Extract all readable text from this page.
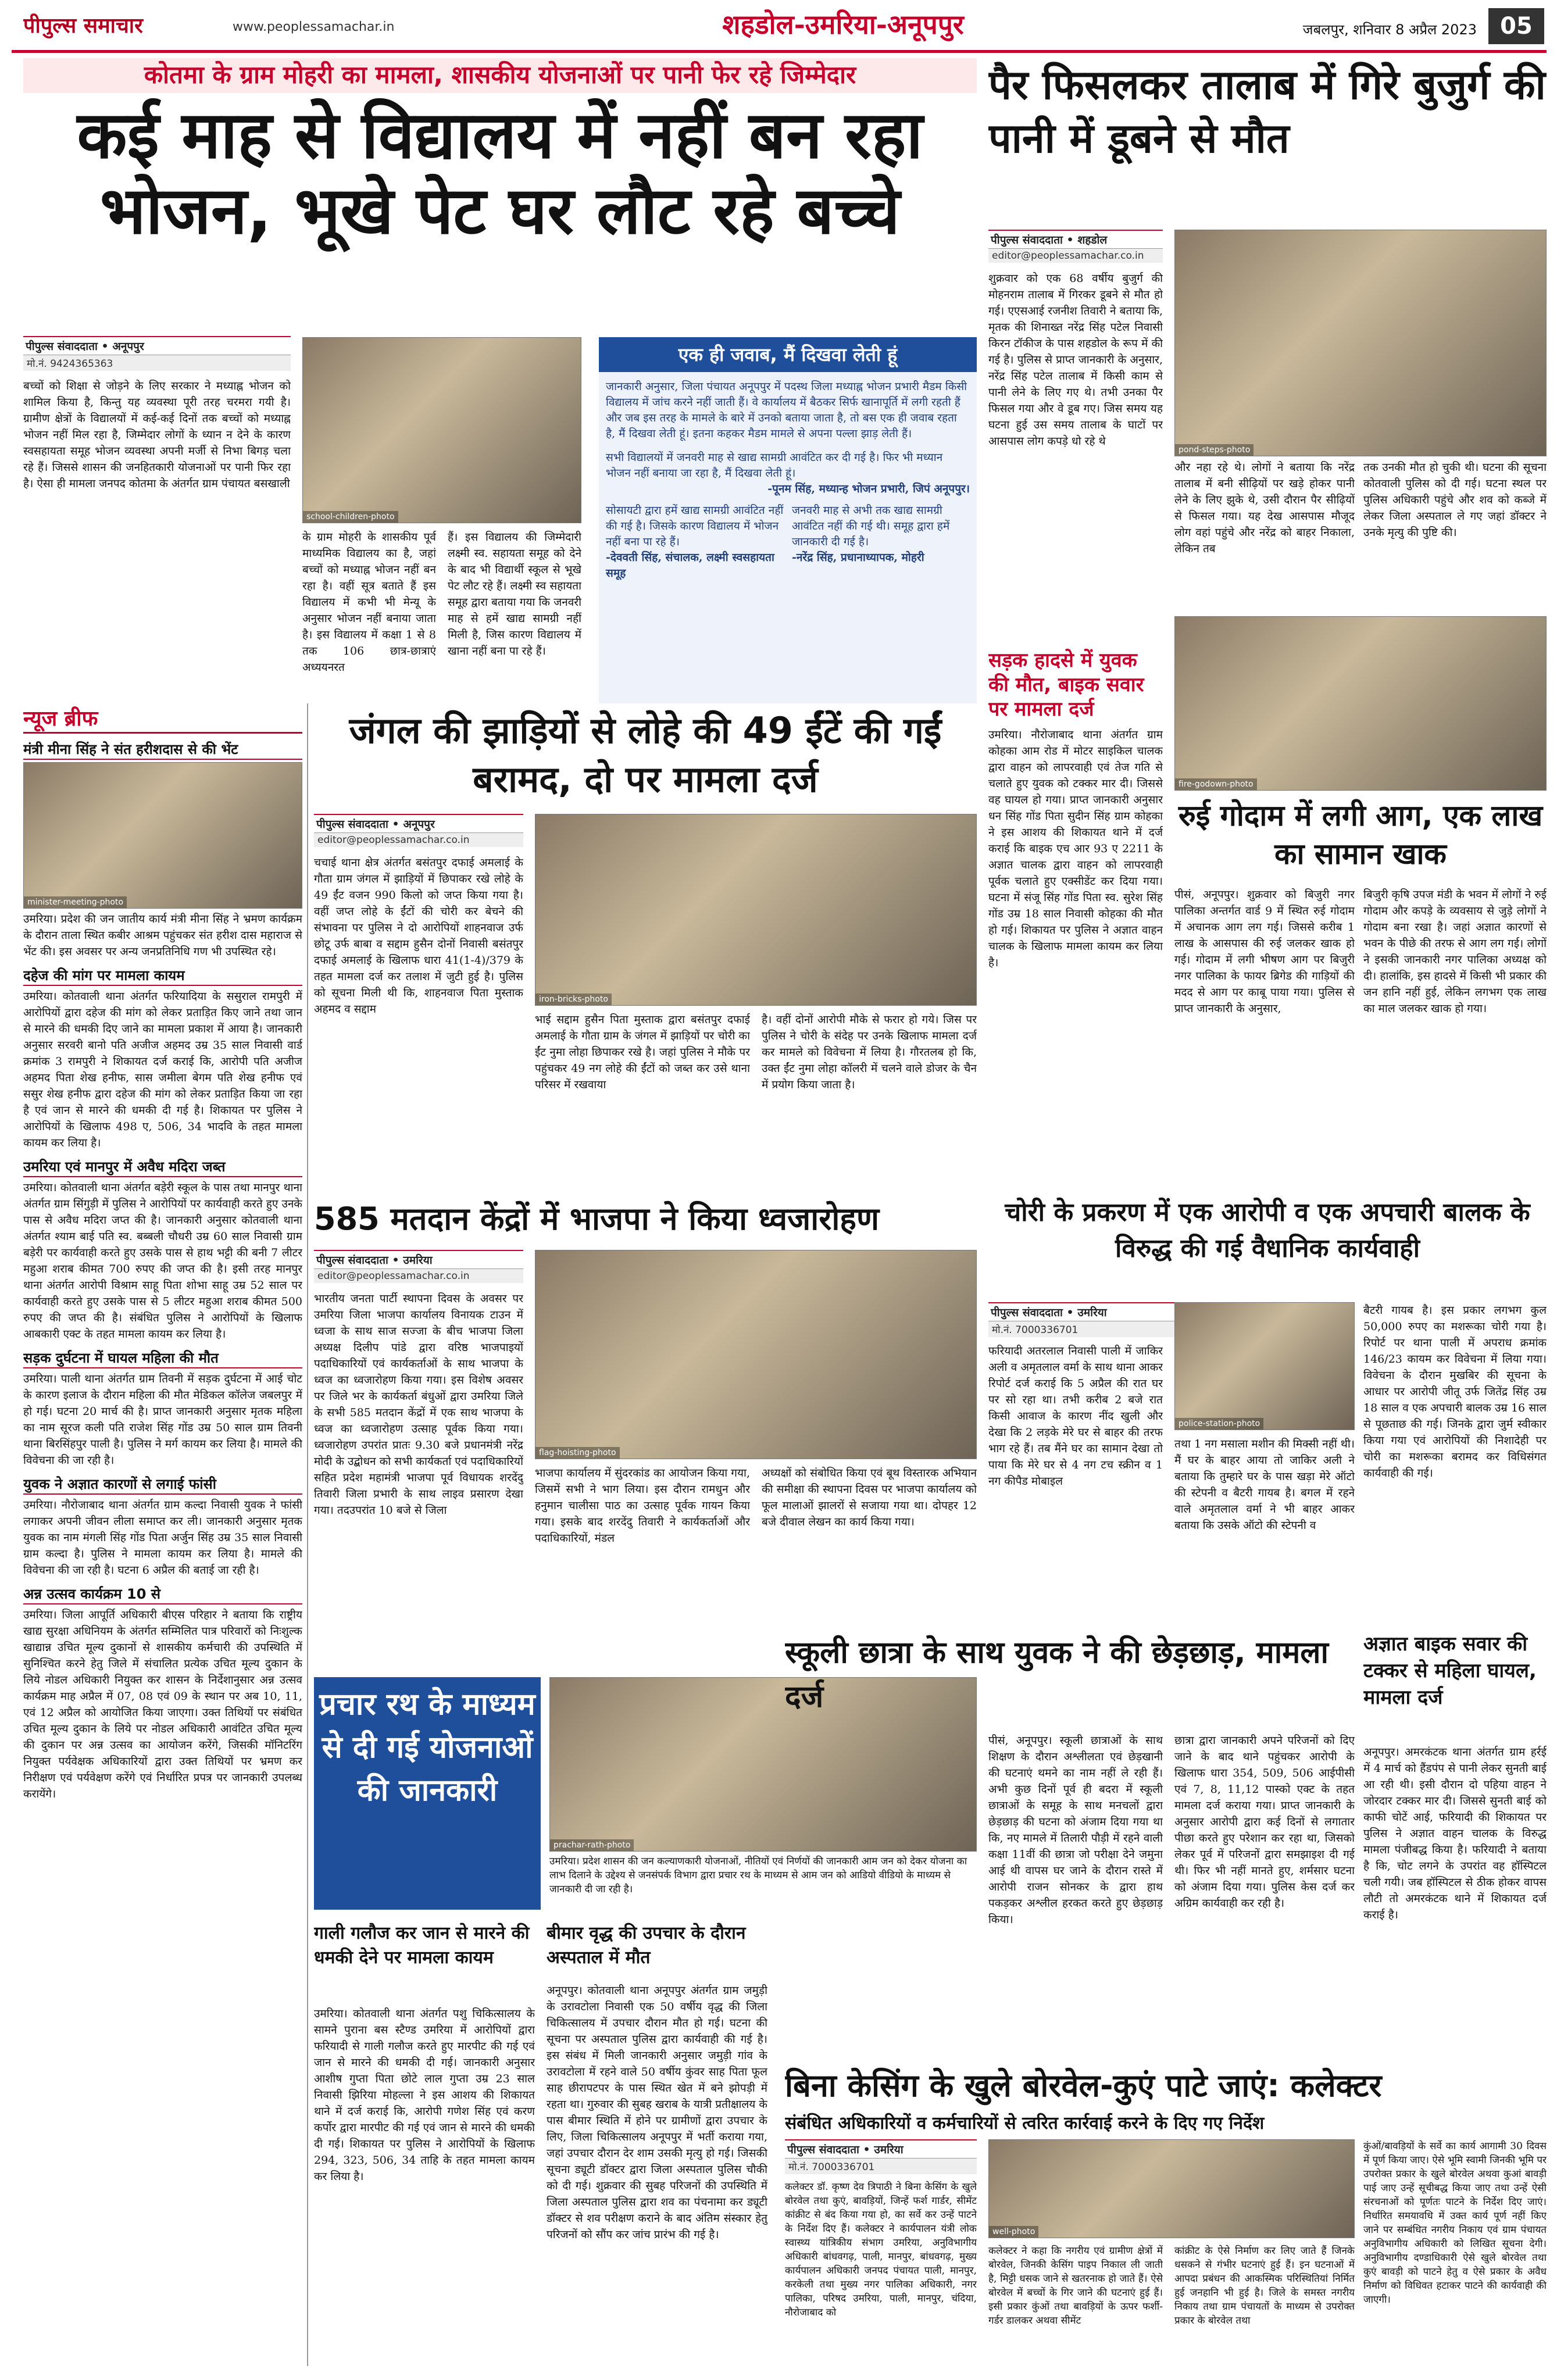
पीपुल्स समाचार	www.peoplessamachar.in	शहडोल-उमरिया-अनूपपुर	जबलपुर, शनिवार 8 अप्रैल 2023	05
कोतमा के ग्राम मोहरी का मामला, शासकीय योजनाओं पर पानी फेर रहे जिम्मेदार
कई माह से विद्यालय में नहीं बन रहा भोजन, भूखे पेट घर लौट रहे बच्चे
पीपुल्स संवाददाता • अनूपपुर
मो.नं. 9424365363
बच्चों को शिक्षा से जोड़ने के लिए सरकार ने मध्याह्न भोजन को शामिल किया है, किन्तु यह व्यवस्था पूरी तरह चरमरा गयी है। ग्रामीण क्षेत्रों के विद्यालयों में कई-कई दिनों तक बच्चों को मध्याह्न भोजन नहीं मिल रहा है, जिम्मेदार लोगों के ध्यान न देने के कारण स्वसहायता समूह भोजन व्यवस्था अपनी मर्जी से निभा बिगड़ चला रहे हैं। जिससे शासन की जनहितकारी योजनाओं पर पानी फिर रहा है। ऐसा ही मामला जनपद कोतमा के अंतर्गत ग्राम पंचायत बसखाली
school-children-photo
के ग्राम मोहरी के शासकीय पूर्व माध्यमिक विद्यालय का है, जहां बच्चों को मध्याह्न भोजन नहीं बन रहा है। वहीं सूत्र बताते हैं इस विद्यालय में कभी भी मेन्यू के अनुसार भोजन नहीं बनाया जाता है। इस विद्यालय में कक्षा 1 से 8 तक 106 छात्र-छात्राएं अध्ययनरत
हैं। इस विद्यालय की जिम्मेदारी लक्ष्मी स्व. सहायता समूह को देने के बाद भी विद्यार्थी स्कूल से भूखे पेट लौट रहे हैं। लक्ष्मी स्व सहायता समूह द्वारा बताया गया कि जनवरी माह से हमें खाद्य सामग्री नहीं मिली है, जिस कारण विद्यालय में खाना नहीं बना पा रहे हैं।
एक ही जवाब, मैं दिखवा लेती हूं
जानकारी अनुसार, जिला पंचायत अनूपपुर में पदस्थ जिला मध्याह्न भोजन प्रभारी मैडम किसी विद्यालय में जांच करने नहीं जाती हैं। वे कार्यालय में बैठकर सिर्फ खानापूर्ति में लगी रहती हैं और जब इस तरह के मामले के बारे में उनको बताया जाता है, तो बस एक ही जवाब रहता है, मैं दिखवा लेती हूं। इतना कहकर मैडम मामले से अपना पल्ला झाड़ लेती हैं।
सभी विद्यालयों में जनवरी माह से खाद्य सामग्री आवंटित कर दी गई है। फिर भी मध्यान भोजन नहीं बनाया जा रहा है, मैं दिखवा लेती हूं।
-पूनम सिंह, मध्यान्ह भोजन प्रभारी, जिपं अनूपपुर।
सोसायटी द्वारा हमें खाद्य सामग्री आवंटित नहीं की गई है। जिसके कारण विद्यालय में भोजन नहीं बना पा रहे हैं।
-देववती सिंह, संचालक, लक्ष्मी स्वसहायता समूह
जनवरी माह से अभी तक खाद्य सामग्री आवंटित नहीं की गई थी। समूह द्वारा हमें जानकारी दी गई है।
-नरेंद्र सिंह, प्रधानाध्यापक, मोहरी
पैर फिसलकर तालाब में गिरे बुजुर्ग की पानी में डूबने से मौत
पीपुल्स संवाददाता • शहडोल
editor@peoplessamachar.co.in
शुक्रवार को एक 68 वर्षीय बुजुर्ग की मोहनराम तालाब में गिरकर डूबने से मौत हो गई। एएसआई रजनीश तिवारी ने बताया कि, मृतक की शिनाख्त नरेंद्र सिंह पटेल निवासी किरन टॉकीज के पास शहडोल के रूप में की गई है। पुलिस से प्राप्त जानकारी के अनुसार, नरेंद्र सिंह पटेल तालाब में किसी काम से पानी लेने के लिए गए थे। तभी उनका पैर फिसल गया और वे डूब गए। जिस समय यह घटना हुई उस समय तालाब के घाटों पर आसपास लोग कपड़े धो रहे थे
pond-steps-photo
और नहा रहे थे। लोगों ने बताया कि नरेंद्र तालाब में बनी सीढ़ियों पर खड़े होकर पानी लेने के लिए झुके थे, उसी दौरान पैर सीढ़ियों से फिसल गया। यह देख आसपास मौजूद लोग वहां पहुंचे और नरेंद्र को बाहर निकाला, लेकिन तब
तक उनकी मौत हो चुकी थी। घटना की सूचना कोतवाली पुलिस को दी गई। घटना स्थल पर पुलिस अधिकारी पहुंचे और शव को कब्जे में लेकर जिला अस्पताल ले गए जहां डॉक्टर ने उनके मृत्यु की पुष्टि की।
सड़क हादसे में युवक की मौत, बाइक सवार पर मामला दर्ज
उमरिया। नौरोजाबाद थाना अंतर्गत ग्राम कोहका आम रोड में मोटर साइकिल चालक द्वारा वाहन को लापरवाही एवं तेज गति से चलाते हुए युवक को टक्कर मार दी। जिससे वह घायल हो गया। प्राप्त जानकारी अनुसार धन सिंह गोंड पिता सुदीन सिंह ग्राम कोहका ने इस आशय की शिकायत थाने में दर्ज कराई कि बाइक एच आर 93 ए 2211 के अज्ञात चालक द्वारा वाहन को लापरवाही पूर्वक चलाते हुए एक्सीडेंट कर दिया गया। घटना में संजू सिंह गोंड पिता स्व. सुरेश सिंह गोंड उम्र 18 साल निवासी कोहका की मौत हो गई। शिकायत पर पुलिस ने अज्ञात वाहन चालक के खिलाफ मामला कायम कर लिया है।
fire-godown-photo
रुई गोदाम में लगी आग, एक लाख का सामान खाक
पीसं, अनूपपुर। शुक्रवार को बिजुरी नगर पालिका अन्तर्गत वार्ड 9 में स्थित रुई गोदाम में अचानक आग लग गई। जिससे करीब 1 लाख के आसपास की रुई जलकर खाक हो गई। गोदाम में लगी भीषण आग पर बिजुरी नगर पालिका के फायर ब्रिगेड की गाड़ियों की मदद से आग पर काबू पाया गया। पुलिस से प्राप्त जानकारी के अनुसार,
बिजुरी कृषि उपज मंडी के भवन में लोगों ने रुई गोदाम और कपड़े के व्यवसाय से जुड़े लोगों ने गोदाम बना रखा है। जहां अज्ञात कारणों से भवन के पीछे की तरफ से आग लग गई। लोगों ने इसकी जानकारी नगर पालिका अध्यक्ष को दी। हालांकि, इस हादसे में किसी भी प्रकार की जन हानि नहीं हुई, लेकिन लगभग एक लाख का माल जलकर खाक हो गया।
न्यूज ब्रीफ
मंत्री मीना सिंह ने संत हरीशदास से की भेंट
minister-meeting-photo
उमरिया। प्रदेश की जन जातीय कार्य मंत्री मीना सिंह ने भ्रमण कार्यक्रम के दौरान ताला स्थित कबीर आश्रम पहुंचकर संत हरीश दास महाराज से भेंट की। इस अवसर पर अन्य जनप्रतिनिधि गण भी उपस्थित रहे।
दहेज की मांग पर मामला कायम
उमरिया। कोतवाली थाना अंतर्गत फरियादिया के ससुराल रामपुरी में आरोपियों द्वारा दहेज की मांग को लेकर प्रताड़ित किए जाने तथा जान से मारने की धमकी दिए जाने का मामला प्रकाश में आया है। जानकारी अनुसार सरवरी बानो पति अजीज अहमद उम्र 35 साल निवासी वार्ड क्रमांक 3 रामपुरी ने शिकायत दर्ज कराई कि, आरोपी पति अजीज अहमद पिता शेख हनीफ, सास जमीला बेगम पति शेख हनीफ एवं ससुर शेख हनीफ द्वारा दहेज की मांग को लेकर प्रताड़ित किया जा रहा है एवं जान से मारने की धमकी दी गई है। शिकायत पर पुलिस ने आरोपियों के खिलाफ 498 ए, 506, 34 भादवि के तहत मामला कायम कर लिया है।
उमरिया एवं मानपुर में अवैध मदिरा जब्त
उमरिया। कोतवाली थाना अंतर्गत बड़ेरी स्कूल के पास तथा मानपुर थाना अंतर्गत ग्राम सिंगुड़ी में पुलिस ने आरोपियों पर कार्यवाही करते हुए उनके पास से अवैध मदिरा जप्त की है। जानकारी अनुसार कोतवाली थाना अंतर्गत श्याम बाई पति स्व. बब्बली चौधरी उम्र 60 साल निवासी ग्राम बड़ेरी पर कार्यवाही करते हुए उसके पास से हाथ भट्टी की बनी 7 लीटर महुआ शराब कीमत 700 रुपए की जप्त की है। इसी तरह मानपुर थाना अंतर्गत आरोपी विश्राम साहू पिता शोभा साहू उम्र 52 साल पर कार्यवाही करते हुए उसके पास से 5 लीटर महुआ शराब कीमत 500 रुपए की जप्त की है। संबंधित पुलिस ने आरोपियों के खिलाफ आबकारी एक्ट के तहत मामला कायम कर लिया है।
सड़क दुर्घटना में घायल महिला की मौत
उमरिया। पाली थाना अंतर्गत ग्राम तिवनी में सड़क दुर्घटना में आई चोट के कारण इलाज के दौरान महिला की मौत मेडिकल कॉलेज जबलपुर में हो गई। घटना 20 मार्च की है। प्राप्त जानकारी अनुसार मृतक महिला का नाम सूरज कली पति राजेश सिंह गोंड उम्र 50 साल ग्राम तिवनी थाना बिरसिंहपुर पाली है। पुलिस ने मर्ग कायम कर लिया है। मामले की विवेचना की जा रही है।
युवक ने अज्ञात कारणों से लगाई फांसी
उमरिया। नौरोजाबाद थाना अंतर्गत ग्राम कल्दा निवासी युवक ने फांसी लगाकर अपनी जीवन लीला समाप्त कर ली। जानकारी अनुसार मृतक युवक का नाम मंगली सिंह गोंड पिता अर्जुन सिंह उम्र 35 साल निवासी ग्राम कल्दा है। पुलिस ने मामला कायम कर लिया है। मामले की विवेचना की जा रही है। घटना 6 अप्रैल की बताई जा रही है।
अन्न उत्सव कार्यक्रम 10 से
उमरिया। जिला आपूर्ति अधिकारी बीएस परिहार ने बताया कि राष्ट्रीय खाद्य सुरक्षा अधिनियम के अंतर्गत सम्मिलित पात्र परिवारों को निःशुल्क खाद्यान्न उचित मूल्य दुकानों से शासकीय कर्मचारी की उपस्थिति में सुनिश्चित करने हेतु जिले में संचालित प्रत्येक उचित मूल्य दुकान के लिये नोडल अधिकारी नियुक्त कर शासन के निर्देशानुसार अन्न उत्सव कार्यक्रम माह अप्रैल में 07, 08 एवं 09 के स्थान पर अब 10, 11, एवं 12 अप्रैल को आयोजित किया जाएगा। उक्त तिथियों पर संबंधित उचित मूल्य दुकान के लिये पर नोडल अधिकारी आवंटित उचित मूल्य की दुकान पर अन्न उत्सव का आयोजन करेंगे, जिसकी मॉनिटरिंग नियुक्त पर्यवेक्षक अधिकारियों द्वारा उक्त तिथियों पर भ्रमण कर निरीक्षण एवं पर्यवेक्षण करेंगे एवं निर्धारित प्रपत्र पर जानकारी उपलब्ध करायेंगे।
जंगल की झाड़ियों से लोहे की 49 ईंटें की गईं बरामद, दो पर मामला दर्ज
पीपुल्स संवाददाता • अनूपपुर
editor@peoplessamachar.co.in
चचाई थाना क्षेत्र अंतर्गत बसंतपुर दफाई अमलाई के गौता ग्राम जंगल में झाड़ियों में छिपाकर रखे लोहे के 49 ईंट वजन 990 किलो को जप्त किया गया है। वहीं जप्त लोहे के ईंटों की चोरी कर बेचने की संभावना पर पुलिस ने दो आरोपियों शाहनवाज उर्फ छोटू उर्फ बाबा व सद्दाम हुसैन दोनों निवासी बसंतपुर दफाई अमलाई के खिलाफ धारा 41(1-4)/379 के तहत मामला दर्ज कर तलाश में जुटी हुई है। पुलिस को सूचना मिली थी कि, शाहनवाज पिता मुस्ताक अहमद व सद्दाम
iron-bricks-photo
भाई सद्दाम हुसैन पिता मुस्ताक द्वारा बसंतपुर दफाई अमलाई के गौता ग्राम के जंगल में झाड़ियों पर चोरी का ईंट नुमा लोहा छिपाकर रखे है। जहां पुलिस ने मौके पर पहुंचकर 49 नग लोहे की ईंटों को जब्त कर उसे थाना परिसर में रखवाया
है। वहीं दोनों आरोपी मौके से फरार हो गये। जिस पर पुलिस ने चोरी के संदेह पर उनके खिलाफ मामला दर्ज कर मामले को विवेचना में लिया है। गौरतलब हो कि, उक्त ईंट नुमा लोहा कॉलरी में चलने वाले डोजर के चैन में प्रयोग किया जाता है।
585 मतदान केंद्रों में भाजपा ने किया ध्वजारोहण
पीपुल्स संवाददाता • उमरिया
editor@peoplessamachar.co.in
भारतीय जनता पार्टी स्थापना दिवस के अवसर पर उमरिया जिला भाजपा कार्यालय विनायक टाउन में ध्वजा के साथ साज सज्जा के बीच भाजपा जिला अध्यक्ष दिलीप पांडे द्वारा वरिष्ठ भाजपाइयों पदाधिकारियों एवं कार्यकर्ताओं के साथ भाजपा के ध्वज का ध्वजारोहण किया गया। इस विशेष अवसर पर जिले भर के कार्यकर्ता बंधुओं द्वारा उमरिया जिले के सभी 585 मतदान केंद्रों में एक साथ भाजपा के ध्वज का ध्वजारोहण उत्साह पूर्वक किया गया। ध्वजारोहण उपरांत प्रातः 9.30 बजे प्रधानमंत्री नरेंद्र मोदी के उद्बोधन को सभी कार्यकर्ता एवं पदाधिकारियों सहित प्रदेश महामंत्री भाजपा पूर्व विधायक शरदेंदु तिवारी जिला प्रभारी के साथ लाइव प्रसारण देखा गया। तदउपरांत 10 बजे से जिला
flag-hoisting-photo
भाजपा कार्यालय में सुंदरकांड का आयोजन किया गया, जिसमें सभी ने भाग लिया। इस दौरान रामधुन और हनुमान चालीसा पाठ का उत्साह पूर्वक गायन किया गया। इसके बाद शरदेंदु तिवारी ने कार्यकर्ताओं और पदाधिकारियों, मंडल
अध्यक्षों को संबोधित किया एवं बूथ विस्तारक अभियान की समीक्षा की स्थापना दिवस पर भाजपा कार्यालय को फूल मालाओं झालरों से सजाया गया था। दोपहर 12 बजे दीवाल लेखन का कार्य किया गया।
प्रचार रथ के माध्यम से दी गई योजनाओं की जानकारी
prachar-rath-photo
उमरिया। प्रदेश शासन की जन कल्याणकारी योजनाओं, नीतियों एवं निर्णयों की जानकारी आम जन को देकर योजना का लाभ दिलाने के उद्देश्य से जनसंपर्क विभाग द्वारा प्रचार रथ के माध्यम से आम जन को आडियो वीडियो के माध्यम से जानकारी दी जा रही है।
गाली गलौज कर जान से मारने की धमकी देने पर मामला कायम
उमरिया। कोतवाली थाना अंतर्गत पशु चिकित्सालय के सामने पुराना बस स्टैण्ड उमरिया में आरोपियों द्वारा फरियादी से गाली गलौज करते हुए मारपीट की गई एवं जान से मारने की धमकी दी गई। जानकारी अनुसार आशीष गुप्ता पिता छोटे लाल गुप्ता उम्र 23 साल निवासी झिरिया मोहल्ला ने इस आशय की शिकायत थाने में दर्ज कराई कि, आरोपी गणेश सिंह एवं करण कर्पोर द्वारा मारपीट की गई एवं जान से मारने की धमकी दी गई। शिकायत पर पुलिस ने आरोपियों के खिलाफ 294, 323, 506, 34 ताहि के तहत मामला कायम कर लिया है।
बीमार वृद्ध की उपचार के दौरान अस्पताल में मौत
अनूपपुर। कोतवाली थाना अनूपपुर अंतर्गत ग्राम जमुड़ी के उरावटोला निवासी एक 50 वर्षीय वृद्ध की जिला चिकित्सालय में उपचार दौरान मौत हो गई। घटना की सूचना पर अस्पताल पुलिस द्वारा कार्यवाही की गई है। इस संबंध में मिली जानकारी अनुसार जमुड़ी गांव के उरावटोला में रहने वाले 50 वर्षीय कुंवर साह पिता फूल साह छीरापटपर के पास स्थित खेत में बने झोपड़ी में रहता था। गुरुवार की सुबह खराब के यात्री प्रतीक्षालय के पास बीमार स्थिति में होने पर ग्रामीणों द्वारा उपचार के लिए, जिला चिकित्सालय अनूपपुर में भर्ती कराया गया, जहां उपचार दौरान देर शाम उसकी मृत्यु हो गई। जिसकी सूचना ड्यूटी डॉक्टर द्वारा जिला अस्पताल पुलिस चौकी को दी गई। शुक्रवार की सुबह परिजनों की उपस्थिति में जिला अस्पताल पुलिस द्वारा शव का पंचनामा कर ड्यूटी डॉक्टर से शव परीक्षण कराने के बाद अंतिम संस्कार हेतु परिजनों को सौंप कर जांच प्रारंभ की गई है।
चोरी के प्रकरण में एक आरोपी व एक अपचारी बालक के विरुद्ध की गई वैधानिक कार्यवाही
पीपुल्स संवाददाता • उमरिया
मो.नं. 7000336701
police-station-photo
फरियादी अतरलाल निवासी पाली में जाकिर अली व अमृतलाल वर्मा के साथ थाना आकर रिपोर्ट दर्ज कराई कि 5 अप्रैल की रात घर पर सो रहा था। तभी करीब 2 बजे रात किसी आवाज के कारण नींद खुली और देखा कि 2 लड़के मेरे घर से बाहर की तरफ भाग रहे हैं। तब मैंने घर का सामान देखा तो पाया कि मेरे घर से 4 नग टच स्क्रीन व 1 नग कीपैड मोबाइल
तथा 1 नग मसाला मशीन की मिक्सी नहीं थी। मैं घर के बाहर आया तो जाकिर अली ने बताया कि तुम्हारे घर के पास खड़ा मेरे ऑटो की स्टेपनी व बैटरी गायब है। बगल में रहने वाले अमृतलाल वर्मा ने भी बाहर आकर बताया कि उसके ऑटो की स्टेपनी व
बैटरी गायब है। इस प्रकार लगभग कुल 50,000 रुपए का मशरूका चोरी गया है। रिपोर्ट पर थाना पाली में अपराध क्रमांक 146/23 कायम कर विवेचना में लिया गया। विवेचना के दौरान मुखबिर की सूचना के आधार पर आरोपी जीतू उर्फ जितेंद्र सिंह उम्र 18 साल व एक अपचारी बालक उम्र 16 साल से पूछताछ की गई। जिनके द्वारा जुर्म स्वीकार किया गया एवं आरोपियों की निशादेही पर चोरी का मशरूका बरामद कर विधिसंगत कार्यवाही की गई।
स्कूली छात्रा के साथ युवक ने की छेड़छाड़, मामला दर्ज
पीसं, अनूपपुर। स्कूली छात्राओं के साथ शिक्षण के दौरान अश्लीलता एवं छेड़खानी की घटनाएं थमने का नाम नहीं ले रही हैं। अभी कुछ दिनों पूर्व ही बदरा में स्कूली छात्राओं के समूह के साथ मनचलों द्वारा छेड़छाड़ की घटना को अंजाम दिया गया था कि, नए मामले में तिलारी पौड़ी में रहने वाली कक्षा 11वीं की छात्रा जो परीक्षा देने जमुना आई थी वापस घर जाने के दौरान रास्ते में आरोपी राजन सोनकर के द्वारा हाथ पकड़कर अश्लील हरकत करते हुए छेड़छाड़ किया।
छात्रा द्वारा जानकारी अपने परिजनों को दिए जाने के बाद थाने पहुंचकर आरोपी के खिलाफ धारा 354, 509, 506 आईपीसी एवं 7, 8, 11,12 पास्को एक्ट के तहत मामला दर्ज कराया गया। प्राप्त जानकारी के अनुसार आरोपी द्वारा कई दिनों से लगातार पीछा करते हुए परेशान कर रहा था, जिसको लेकर पूर्व में परिजनों द्वारा समझाइश दी गई थी। फिर भी नहीं मानते हुए, शर्मसार घटना को अंजाम दिया गया। पुलिस केस दर्ज कर अग्रिम कार्यवाही कर रही है।
अज्ञात बाइक सवार की टक्कर से महिला घायल, मामला दर्ज
अनूपपुर। अमरकंटक थाना अंतर्गत ग्राम हर्रई में 4 मार्च को हैंडपंप से पानी लेकर सुनती बाई आ रही थी। इसी दौरान दो पहिया वाहन ने जोरदार टक्कर मार दी। जिससे सुनती बाई को काफी चोटें आई, फरियादी की शिकायत पर पुलिस ने अज्ञात वाहन चालक के विरुद्ध मामला पंजीबद्ध किया है। फरियादी ने बताया है कि, चोट लगने के उपरांत वह हॉस्पिटल चली गयी। जब हॉस्पिटल से ठीक होकर वापस लौटी तो अमरकंटक थाने में शिकायत दर्ज कराई है।
बिना केसिंग के खुले बोरवेल-कुएं पाटे जाएं: कलेक्टर
संबंधित अधिकारियों व कर्मचारियों से त्वरित कार्रवाई करने के दिए गए निर्देश
पीपुल्स संवाददाता • उमरिया
मो.नं. 7000336701
कलेक्टर डॉ. कृष्ण देव त्रिपाठी ने बिना केसिंग के खुले बोरवेल तथा कुएं, बावड़ियों, जिन्हें फर्श गार्डर, सीमेंट कांक्रीट से बंद किया गया हो, का सर्वे कर उन्हें पाटने के निर्देश दिए हैं। कलेक्टर ने कार्यपालन यंत्री लोक स्वास्थ्य यांत्रिकीय संभाग उमरिया, अनुविभागीय अधिकारी बांधवगढ़, पाली, मानपुर, बांधवगढ़, मुख्य कार्यपालन अधिकारी जनपद पंचायत पाली, मानपुर, करकेली तथा मुख्य नगर पालिका अधिकारी, नगर पालिका, परिषद उमरिया, पाली, मानपुर, चंदिया, नौरोजाबाद को
well-photo
कलेक्टर ने कहा कि नगरीय एवं ग्रामीण क्षेत्रों में बोरवेल, जिनकी केसिंग पाइप निकाल ली जाती है, मिट्टी धसक जाने से खतरनाक हो जाते हैं। ऐसे बोरवेल में बच्चों के गिर जाने की घटनाएं हुई हैं। इसी प्रकार कुंओं तथा बावड़ियों के ऊपर फर्शी-गर्डर डालकर अथवा सीमेंट
कांक्रीट के ऐसे निर्माण कर लिए जाते हैं जिनके धसकने से गंभीर घटनाएं हुई हैं। इन घटनाओं में आपदा प्रबंधन की आकस्मिक परिस्थितियां निर्मित हुई जनहानि भी हुई है। जिले के समस्त नगरीय निकाय तथा ग्राम पंचायतों के माध्यम से उपरोक्त प्रकार के बोरवेल तथा
कुंओं/बावड़ियों के सर्वे का कार्य आगामी 30 दिवस में पूर्ण किया जाए। ऐसे भूमि स्वामी जिनकी भूमि पर उपरोक्त प्रकार के खुले बोरवेल अथवा कुआं बावड़ी पाई जाए उन्हें सूचीबद्ध किया जाए तथा उन्हें ऐसी संरचनाओं को पूर्णतः पाटने के निर्देश दिए जाएं। निर्धारित समयावधि में उक्त कार्य पूर्ण नहीं किए जाने पर सम्बंधित नगरीय निकाय एवं ग्राम पंचायत अनुविभागीय अधिकारी को लिखित सूचना देगी। अनुविभागीय दण्डाधिकारी ऐसे खुले बोरवेल तथा कुएं बावड़ी को पाटने हेतु व ऐसे प्रकार के अवैध निर्माण को विधिवत हटाकर पाटने की कार्यवाही की जाएगी।
